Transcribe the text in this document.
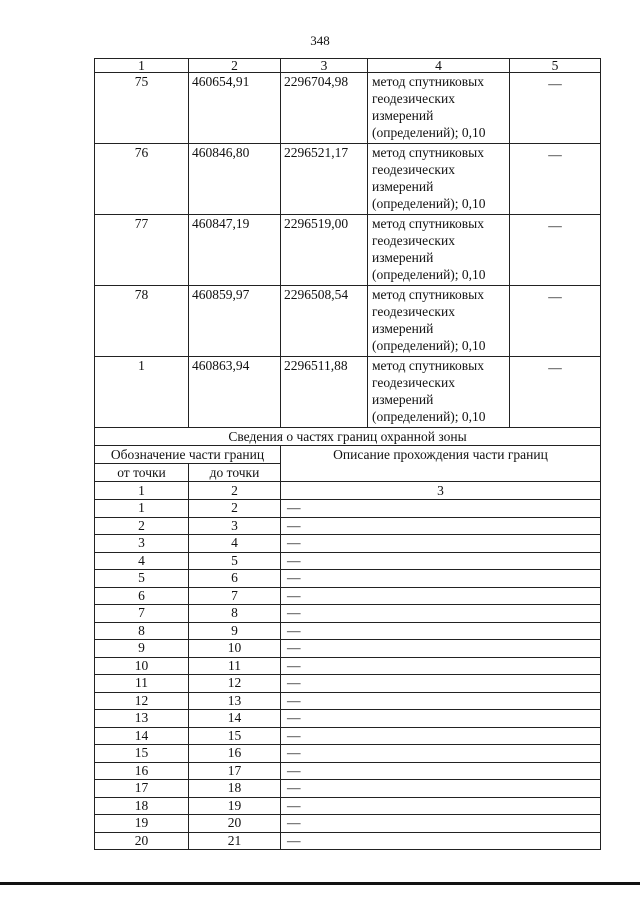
348
1	2	3	4	5
75	460654,91	2296704,98	метод спутниковых
геодезических
измерений
(определений); 0,10	—
76	460846,80	2296521,17	метод спутниковых
геодезических
измерений
(определений); 0,10	—
77	460847,19	2296519,00	метод спутниковых
геодезических
измерений
(определений); 0,10	—
78	460859,97	2296508,54	метод спутниковых
геодезических
измерений
(определений); 0,10	—
1	460863,94	2296511,88	метод спутниковых
геодезических
измерений
(определений); 0,10	—
Сведения о частях границ охранной зоны				
Обозначение части границ		Описание прохождения части границ		
от точки	до точки			
1	2	3		
1	2	—		
2	3	—		
3	4	—		
4	5	—		
5	6	—		
6	7	—		
7	8	—		
8	9	—		
9	10	—		
10	11	—		
11	12	—		
12	13	—		
13	14	—		
14	15	—		
15	16	—		
16	17	—		
17	18	—		
18	19	—		
19	20	—		
20	21	—		
